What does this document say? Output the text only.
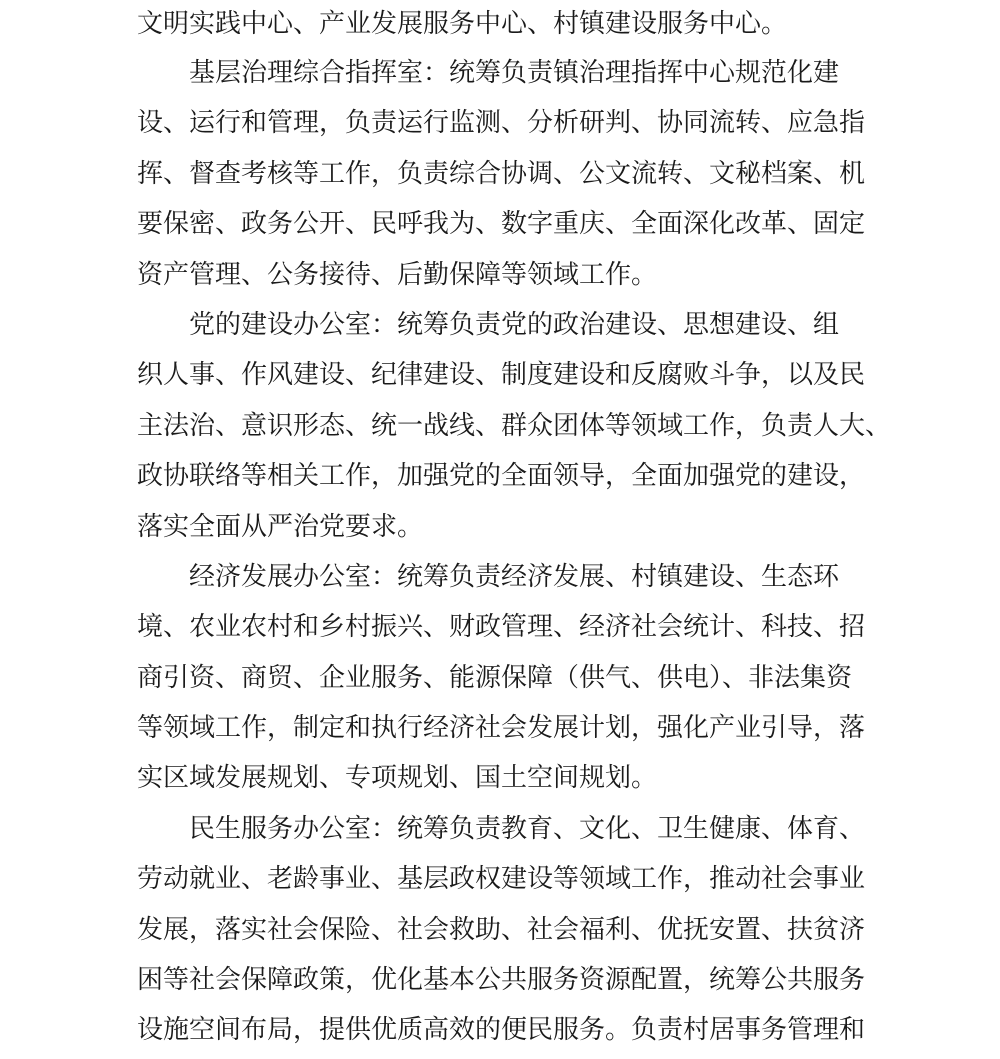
文明实践中心、产业发展服务中心、村镇建设服务中心。
基层治理综合指挥室：统筹负责镇治理指挥中心规范化建
设、运行和管理，负责运行监测、分析研判、协同流转、应急指
挥、督查考核等工作，负责综合协调、公文流转、文秘档案、机
要保密、政务公开、民呼我为、数字重庆、全面深化改革、固定
资产管理、公务接待、后勤保障等领域工作。
党的建设办公室：统筹负责党的政治建设、思想建设、组
织人事、作风建设、纪律建设、制度建设和反腐败斗争，以及民
主法治、意识形态、统一战线、群众团体等领域工作，负责人大、
政协联络等相关工作，加强党的全面领导，全面加强党的建设，
落实全面从严治党要求。
经济发展办公室：统筹负责经济发展、村镇建设、生态环
境、农业农村和乡村振兴、财政管理、经济社会统计、科技、招
商引资、商贸、企业服务、能源保障（供气、供电）、非法集资
等领域工作，制定和执行经济社会发展计划，强化产业引导，落
实区域发展规划、专项规划、国土空间规划。
民生服务办公室：统筹负责教育、文化、卫生健康、体育、
劳动就业、老龄事业、基层政权建设等领域工作，推动社会事业
发展，落实社会保险、社会救助、社会福利、优抚安置、扶贫济
困等社会保障政策，优化基本公共服务资源配置，统筹公共服务
设施空间布局，提供优质高效的便民服务。负责村居事务管理和
